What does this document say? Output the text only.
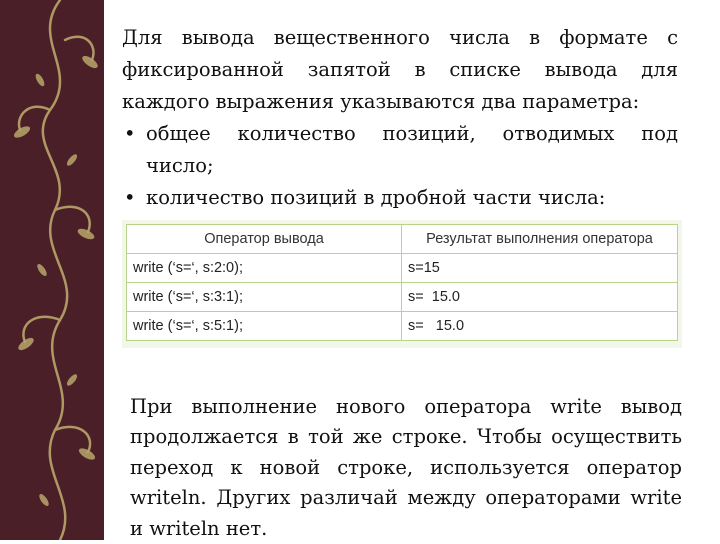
Для вывода вещественного числа в формате с
фиксированной запятой в списке вывода для
каждого выражения указываются два параметра:

• общее количество позиций, отводимых под
число;
• количество позиций в дробной части числа:
Оператор вывода	Результат выполнения оператора
write (‘s=‘, s:2:0);	s=15
write (‘s=‘, s:3:1);	s=  15.0
write (‘s=‘, s:5:1);	s=   15.0

При выполнение нового оператора write вывод продолжается в той же строке. Чтобы осуществить переход к новой строке, используется оператор writeln. Других различай между операторами write и writeln нет.
